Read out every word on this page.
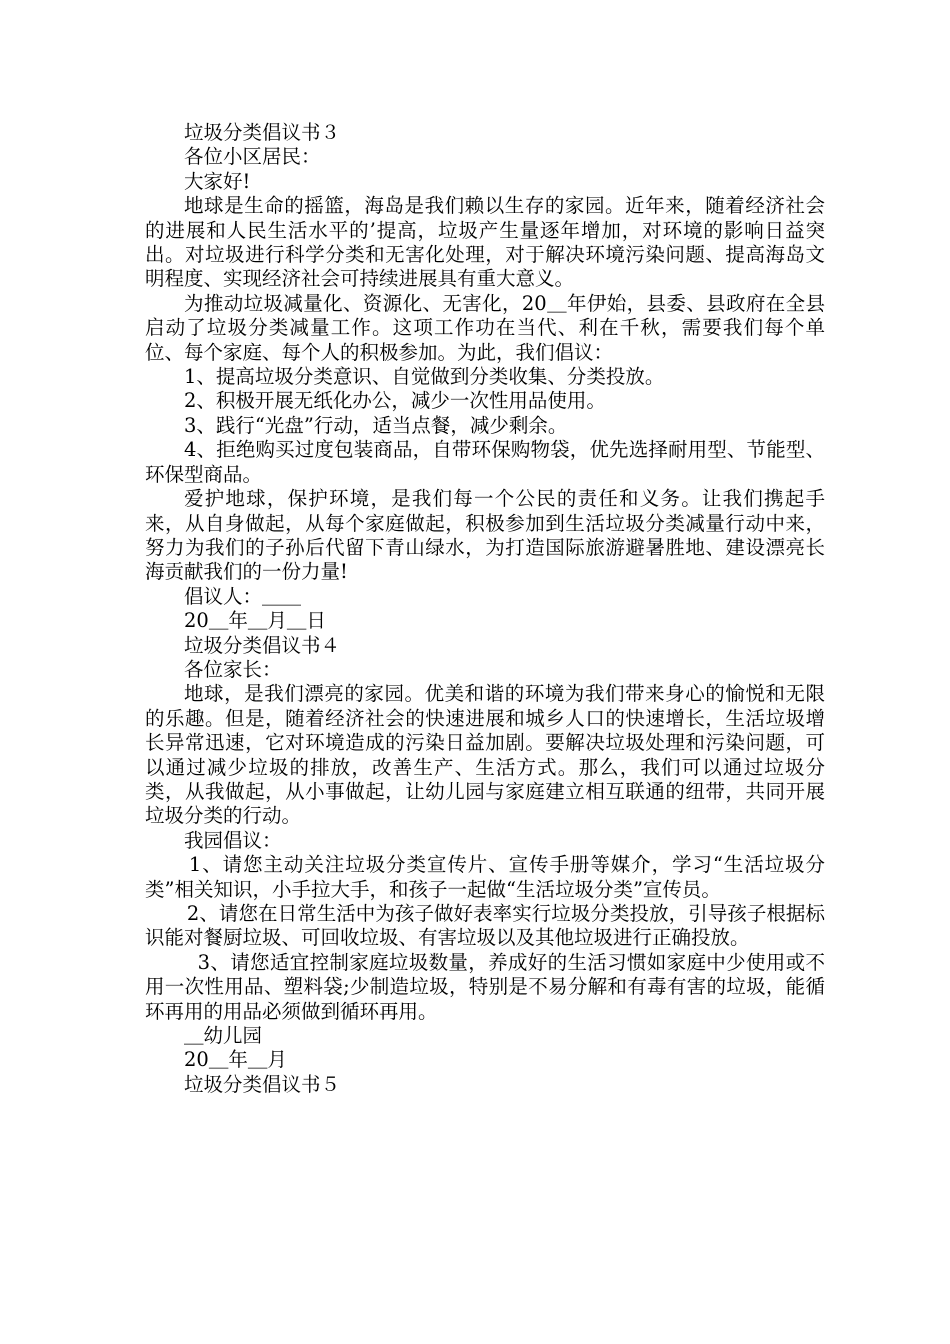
垃圾分类倡议书３

各位小区居民：

大家好!

地球是生命的摇篮，海岛是我们赖以生存的家园。近年来，随着经济社会的进展和人民生活水平的’提高，垃圾产生量逐年增加，对环境的影响日益突出。对垃圾进行科学分类和无害化处理，对于解决环境污染问题、提高海岛文明程度、实现经济社会可持续进展具有重大意义。

为推动垃圾减量化、资源化、无害化，20＿年伊始，县委、县政府在全县启动了垃圾分类减量工作。这项工作功在当代、利在千秋，需要我们每个单位、每个家庭、每个人的积极参加。为此，我们倡议：

1、提高垃圾分类意识、自觉做到分类收集、分类投放。

2、积极开展无纸化办公，减少一次性用品使用。

3、践行“光盘”行动，适当点餐，减少剩余。

4、拒绝购买过度包装商品，自带环保购物袋，优先选择耐用型、节能型、环保型商品。

爱护地球，保护环境，是我们每一个公民的责任和义务。让我们携起手来，从自身做起，从每个家庭做起，积极参加到生活垃圾分类减量行动中来，努力为我们的子孙后代留下青山绿水，为打造国际旅游避暑胜地、建设漂亮长海贡献我们的一份力量!

倡议人：＿＿

20＿年＿月＿日

垃圾分类倡议书４

各位家长：

地球，是我们漂亮的家园。优美和谐的环境为我们带来身心的愉悦和无限的乐趣。但是，随着经济社会的快速进展和城乡人口的快速增长，生活垃圾增长异常迅速，它对环境造成的污染日益加剧。要解决垃圾处理和污染问题，可以通过减少垃圾的排放，改善生产、生活方式。那么，我们可以通过垃圾分类，从我做起，从小事做起，让幼儿园与家庭建立相互联通的纽带，共同开展垃圾分类的行动。

我园倡议：

1、请您主动关注垃圾分类宣传片、宣传手册等媒介，学习“生活垃圾分类”相关知识，小手拉大手，和孩子一起做“生活垃圾分类”宣传员。

2、请您在日常生活中为孩子做好表率实行垃圾分类投放，引导孩子根据标识能对餐厨垃圾、可回收垃圾、有害垃圾以及其他垃圾进行正确投放。

3、请您适宜控制家庭垃圾数量，养成好的生活习惯如家庭中少使用或不用一次性用品、塑料袋;少制造垃圾，特别是不易分解和有毒有害的垃圾，能循环再用的用品必须做到循环再用。

＿幼儿园

20＿年＿月

垃圾分类倡议书５
